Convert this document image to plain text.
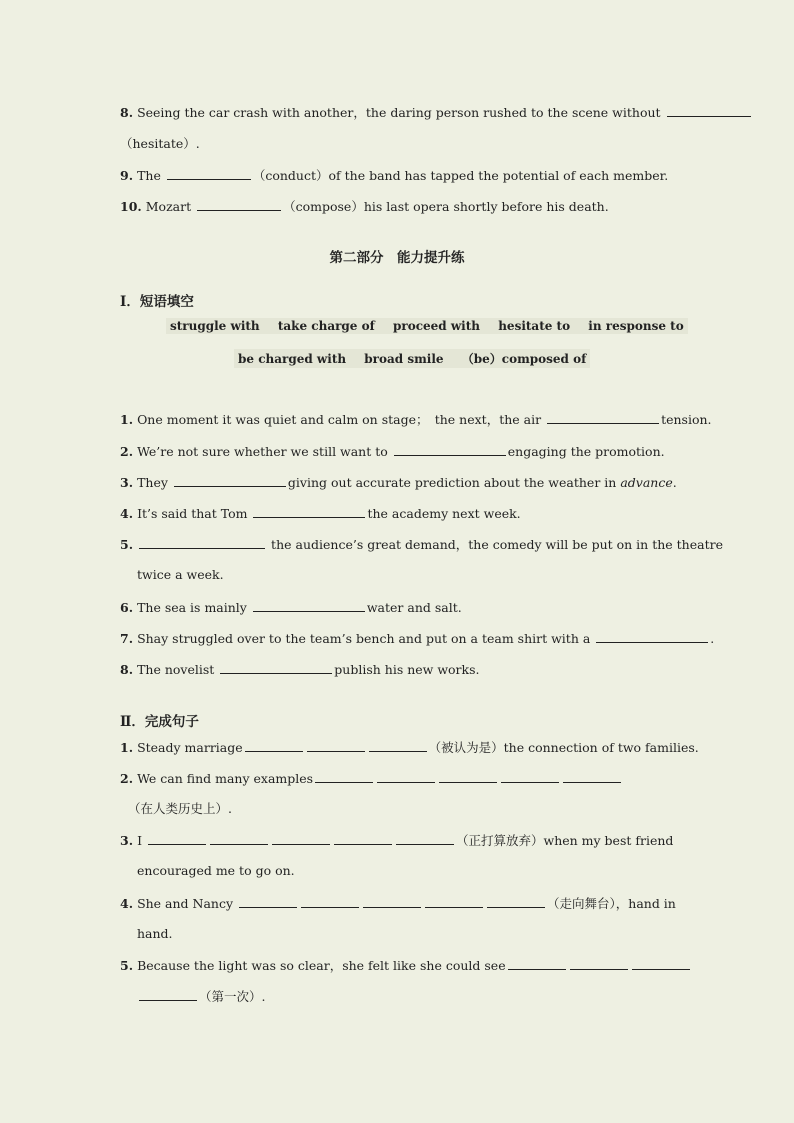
8. Seeing the car crash with another，the daring person rushed to the scene without
（hesitate）.
9. The	（conduct）of the band has tapped the potential of each member.
10. Mozart	（compose）his last opera shortly before his death.
第二部分　能力提升练
Ⅰ．短语填空
struggle with take charge of proceed with hesitate to in response to
be charged with broad smile （be）composed of
1. One moment it was quiet and calm on stage；　the next，the air	tension.
2. We’re not sure whether we still want to	engaging the promotion.
3. They	giving out accurate prediction about the weather in advance.
4. It’s said that Tom	the academy next week.
5.	the audience’s great demand，the comedy will be put on in the theatre
twice a week.
6. The sea is mainly	water and salt.
7. Shay struggled over to the team’s bench and put on a team shirt with a	.
8. The novelist	publish his new works.
Ⅱ．完成句子
1. Steady marriage	（被认为是）the connection of two families.
2. We can find many examples
（在人类历史上）.
3. I	（正打算放弃）when my best friend
encouraged me to go on.
4. She and Nancy	（走向舞台），hand in
hand.
5. Because the light was so clear，she felt like she could see
（第一次）.
